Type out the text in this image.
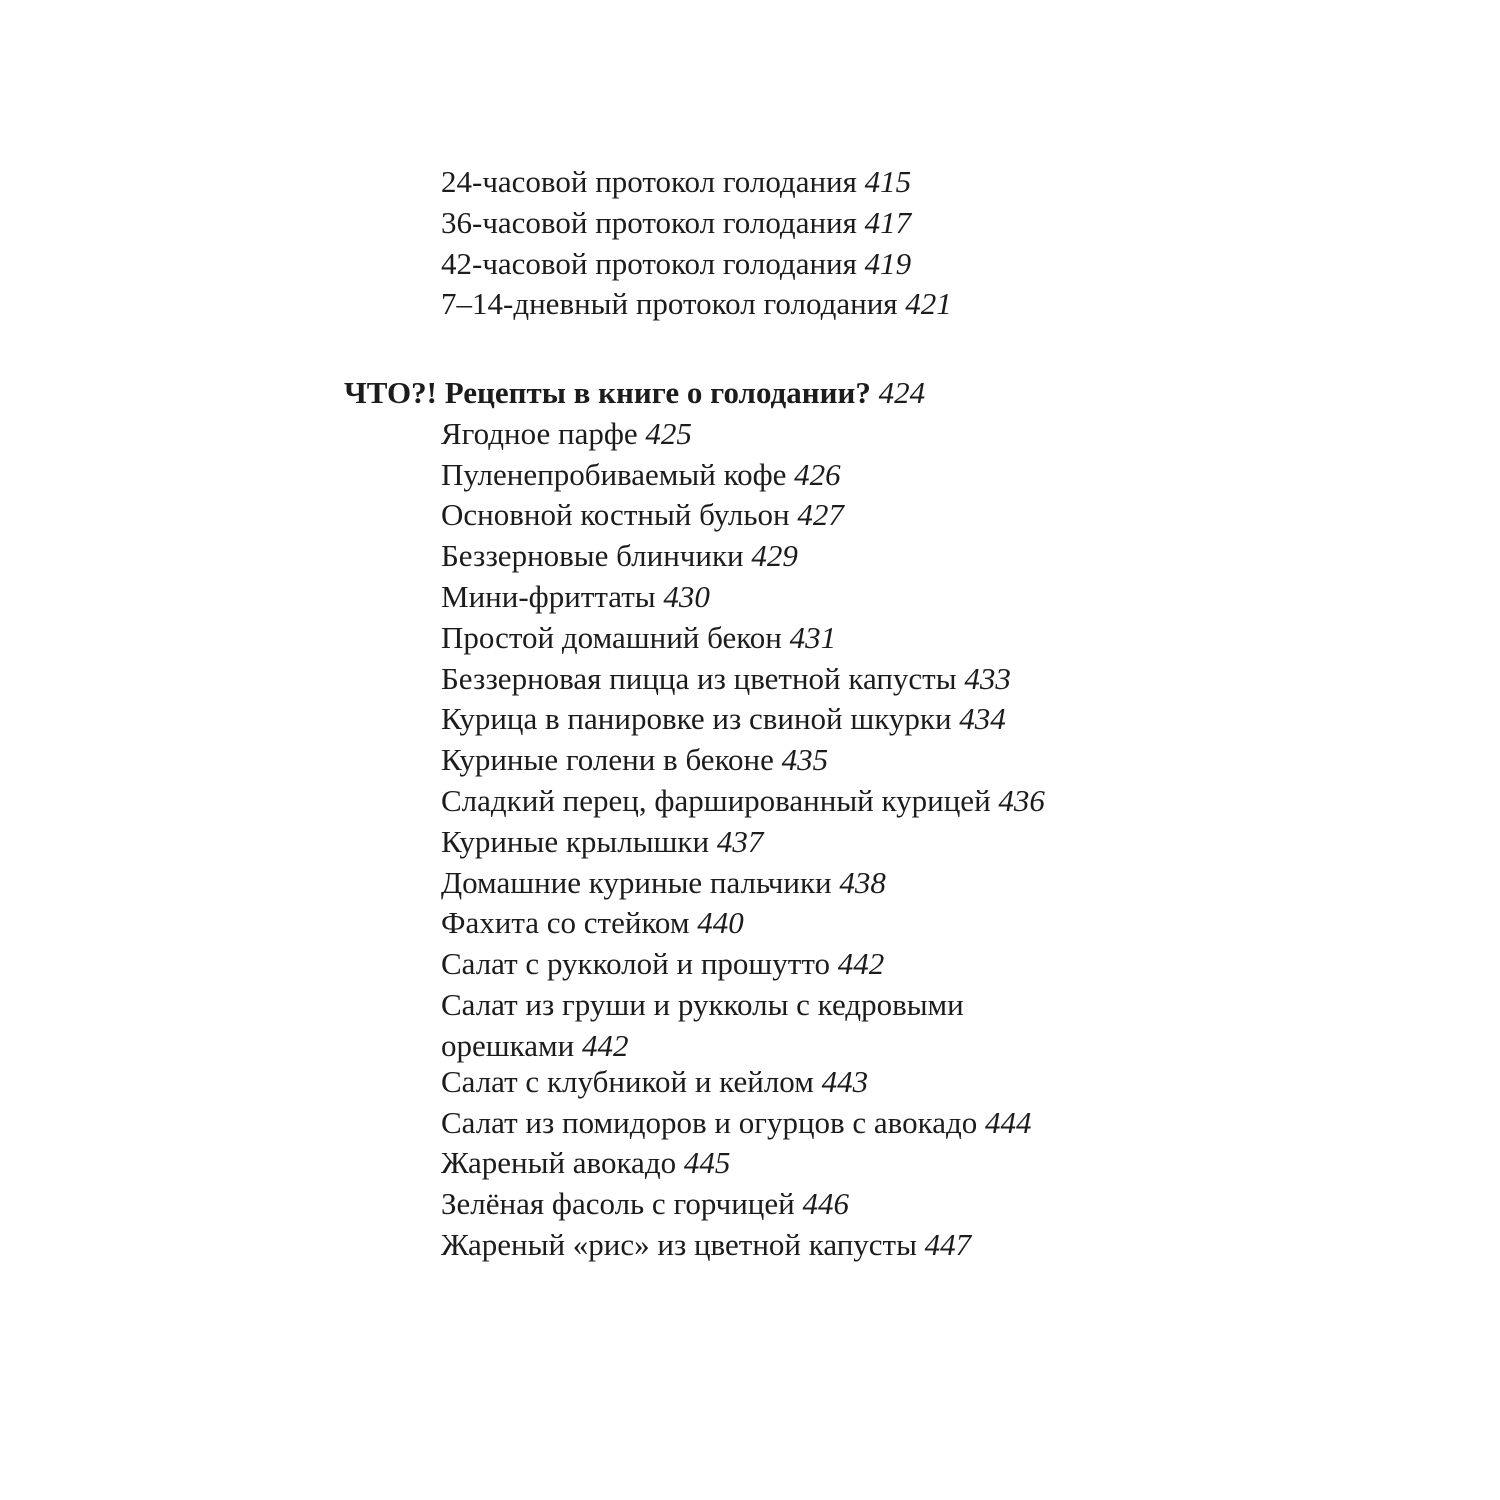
24-часовой протокол голодания 415

36-часовой протокол голодания 417

42-часовой протокол голодания 419

7–14-дневный протокол голодания 421

ЧТО?! Рецепты в книге о голодании? 424

Ягодное парфе 425

Пуленепробиваемый кофе 426

Основной костный бульон 427

Беззерновые блинчики 429

Мини-фриттаты 430

Простой домашний бекон 431

Беззерновая пицца из цветной капусты 433

Курица в панировке из свиной шкурки 434

Куриные голени в беконе 435

Сладкий перец, фаршированный курицей 436

Куриные крылышки 437

Домашние куриные пальчики 438

Фахита со стейком 440

Салат с рукколой и прошутто 442

Салат из груши и рукколы с кедровыми орешками 442

Салат с клубникой и кейлом 443

Салат из помидоров и огурцов с авокадо 444

Жареный авокадо 445

Зелёная фасоль с горчицей 446

Жареный «рис» из цветной капусты 447
